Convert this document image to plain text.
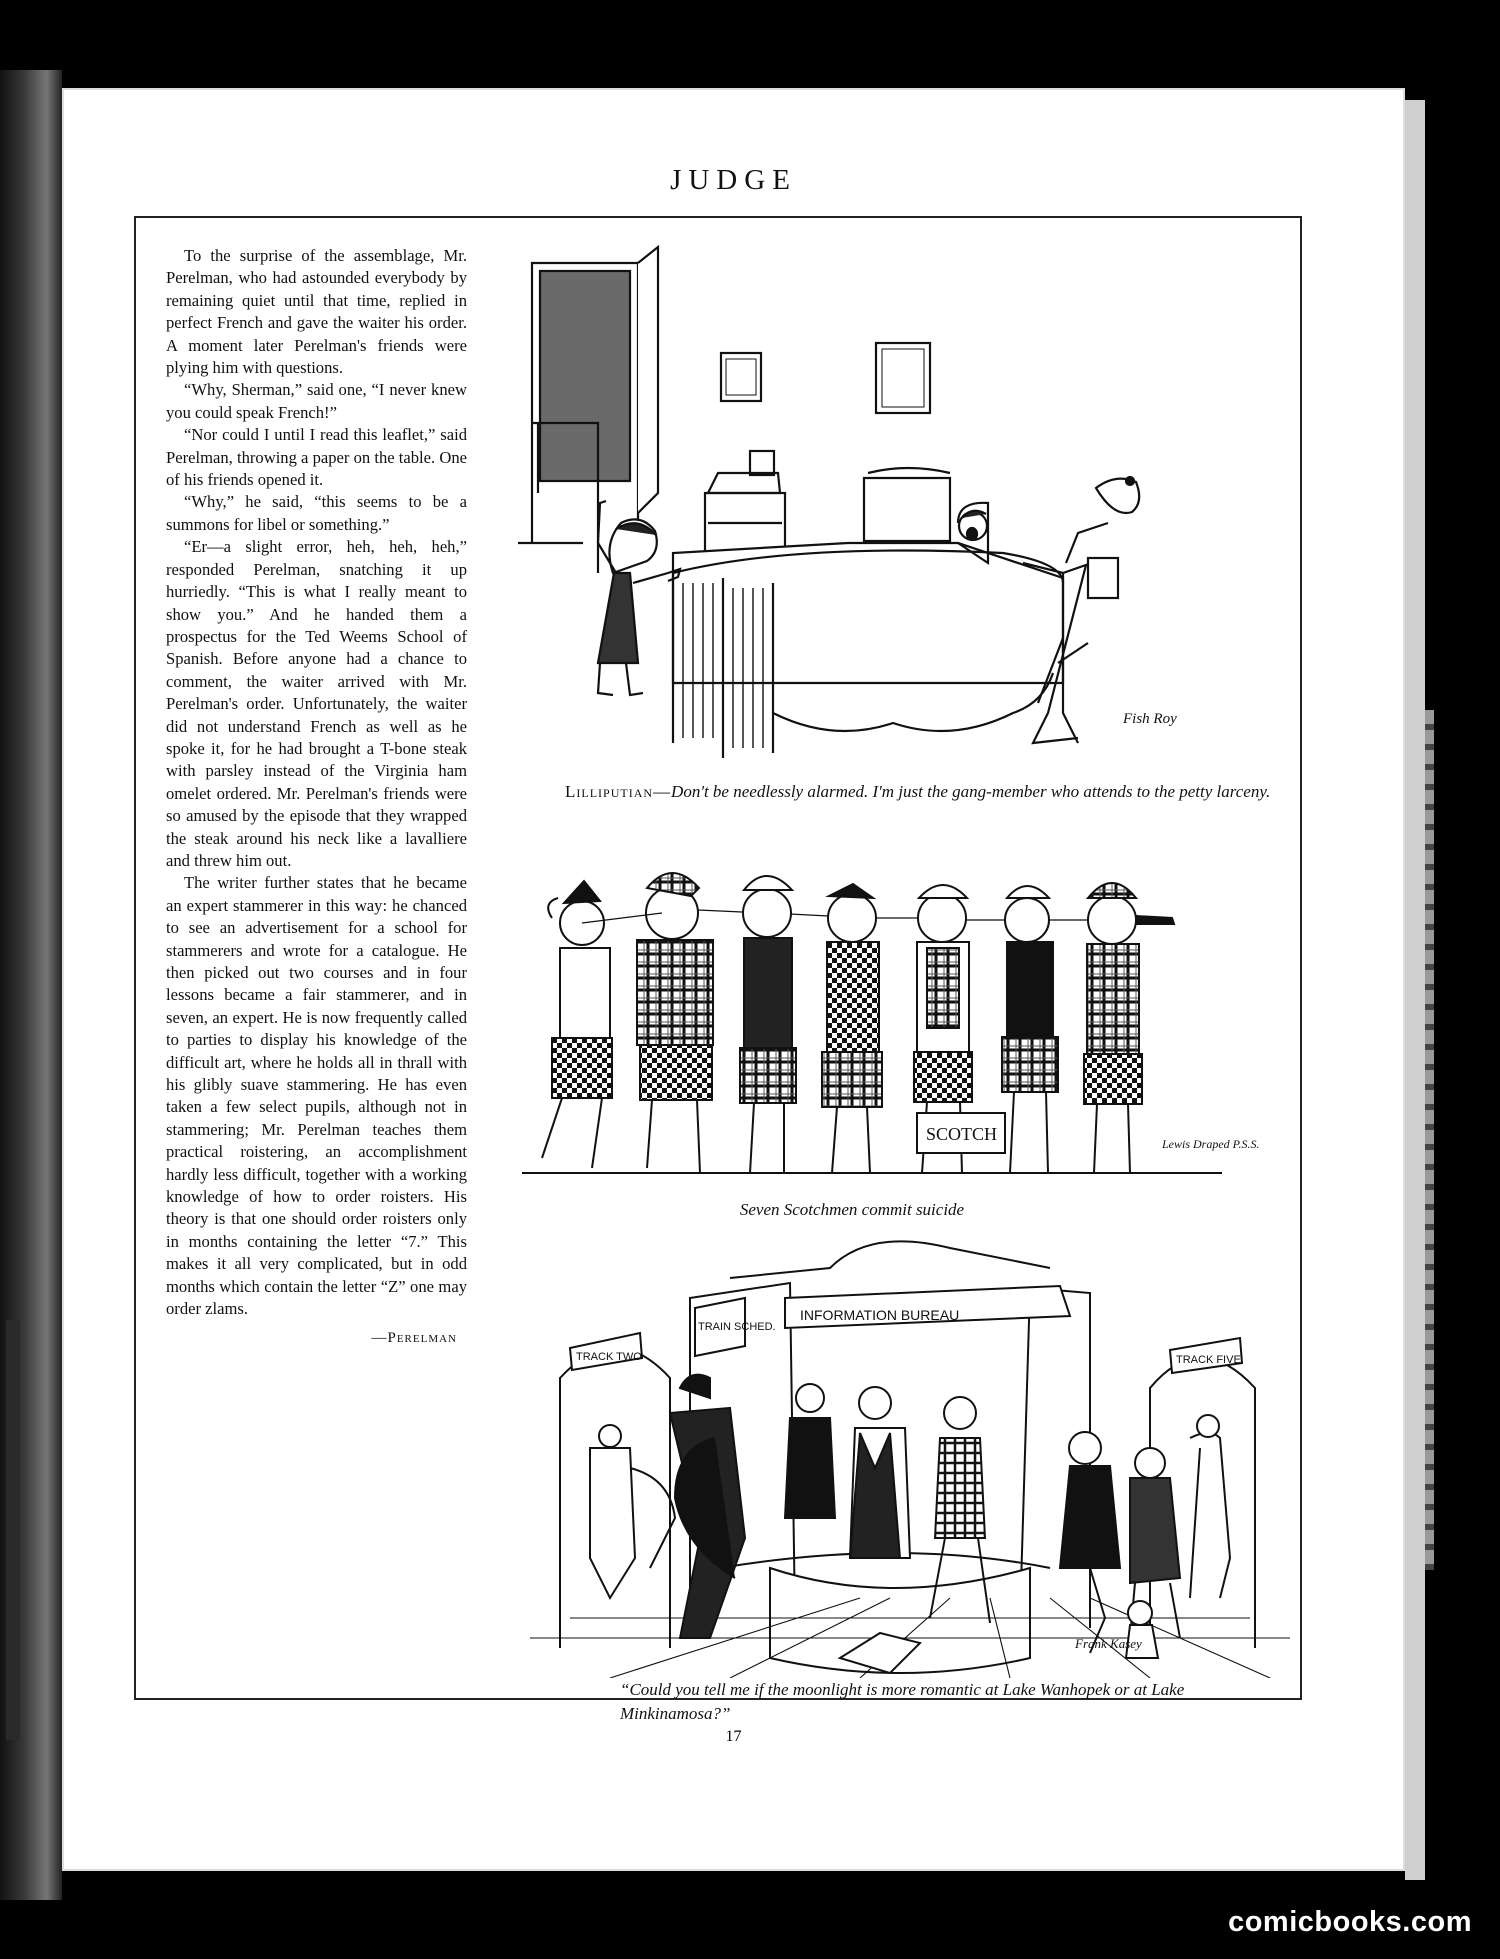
JUDGE

To the surprise of the assemblage, Mr. Perelman, who had astounded everybody by remaining quiet until that time, replied in perfect French and gave the waiter his order. A moment later Perelman's friends were plying him with questions.

“Why, Sherman,” said one, “I never knew you could speak French!”

“Nor could I until I read this leaflet,” said Perelman, throwing a paper on the table. One of his friends opened it.

“Why,” he said, “this seems to be a summons for libel or something.”

“Er—a slight error, heh, heh, heh,” responded Perelman, snatching it up hurriedly. “This is what I really meant to show you.” And he handed them a prospectus for the Ted Weems School of Spanish. Before anyone had a chance to comment, the waiter arrived with Mr. Perelman's order. Unfortunately, the waiter did not understand French as well as he spoke it, for he had brought a T-bone steak with parsley instead of the Virginia ham omelet ordered. Mr. Perelman's friends were so amused by the episode that they wrapped the steak around his neck like a lavalliere and threw him out.

The writer further states that he became an expert stammerer in this way: he chanced to see an advertisement for a school for stammerers and wrote for a catalogue. He then picked out two courses and in four lessons became a fair stammerer, and in seven, an expert. He is now frequently called to parties to display his knowledge of the difficult art, where he holds all in thrall with his glibly suave stammering. He has even taken a few select pupils, although not in stammering; Mr. Perelman teaches them practical roistering, an accomplishment hardly less difficult, together with a working knowledge of how to order roisters. His theory is that one should order roisters only in months containing the letter “7.” This makes it all very complicated, but in odd months which contain the letter “Z” one may order zlams.

—Perelman
Fish Roy
Lilliputian—Don't be needlessly alarmed. I'm just the gang-member who attends to the petty larceny.
SCOTCH	Lewis Draped P.S.S.
Seven Scotchmen commit suicide
INFORMATION BUREAU
TRAIN SCHED.
TRACK TWO	TRACK FIVE
Frank Kasey
“Could you tell me if the moonlight is more romantic at Lake Wanhopek or at Lake Minkinamosa?”
17
comicbooks.com
